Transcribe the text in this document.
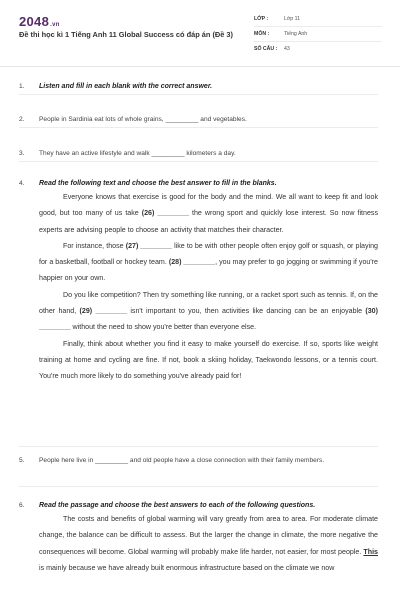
2048.vn
Đề thi học kì 1 Tiếng Anh 11 Global Success có đáp án (Đề 3)
LỚP :	Lớp 11
MÔN :	Tiếng Anh
SỐ CÂU :	43
1.	Listen and fill in each blank with the correct answer.
2.	People in Sardinia eat lots of whole grains, _________ and vegetables.
3.	They have an active lifestyle and walk _________ kilometers a day.
4.	Read the following text and choose the best answer to fill in the blanks.

Everyone knows that exercise is good for the body and the mind. We all want to keep fit and look good, but too many of us take (26) ________ the wrong sport and quickly lose interest. So now fitness experts are advising people to choose an activity that matches their character.

For instance, those (27) ________ like to be with other people often enjoy golf or squash, or playing for a basketball, football or hockey team. (28) ________, you may prefer to go jogging or swimming if you're happier on your own.

Do you like competition? Then try something like running, or a racket sport such as tennis. If, on the other hand, (29) ________ isn't important to you, then activities like dancing can be an enjoyable (30) ________ without the need to show you're better than everyone else.

Finally, think about whether you find it easy to make yourself do exercise. If so, sports like weight training at home and cycling are fine. If not, book a skiing holiday, Taekwondo lessons, or a tennis court. You're much more likely to do something you've already paid for!

5.	People here live in _________ and old people have a close connection with their family members.
6.	Read the passage and choose the best answers to each of the following questions.

The costs and benefits of global warming will vary greatly from area to area. For moderate climate change, the balance can be difficult to assess. But the larger the change in climate, the more negative the consequences will become. Global warming will probably make life harder, not easier, for most people. This is mainly because we have already built enormous infrastructure based on the climate we now
